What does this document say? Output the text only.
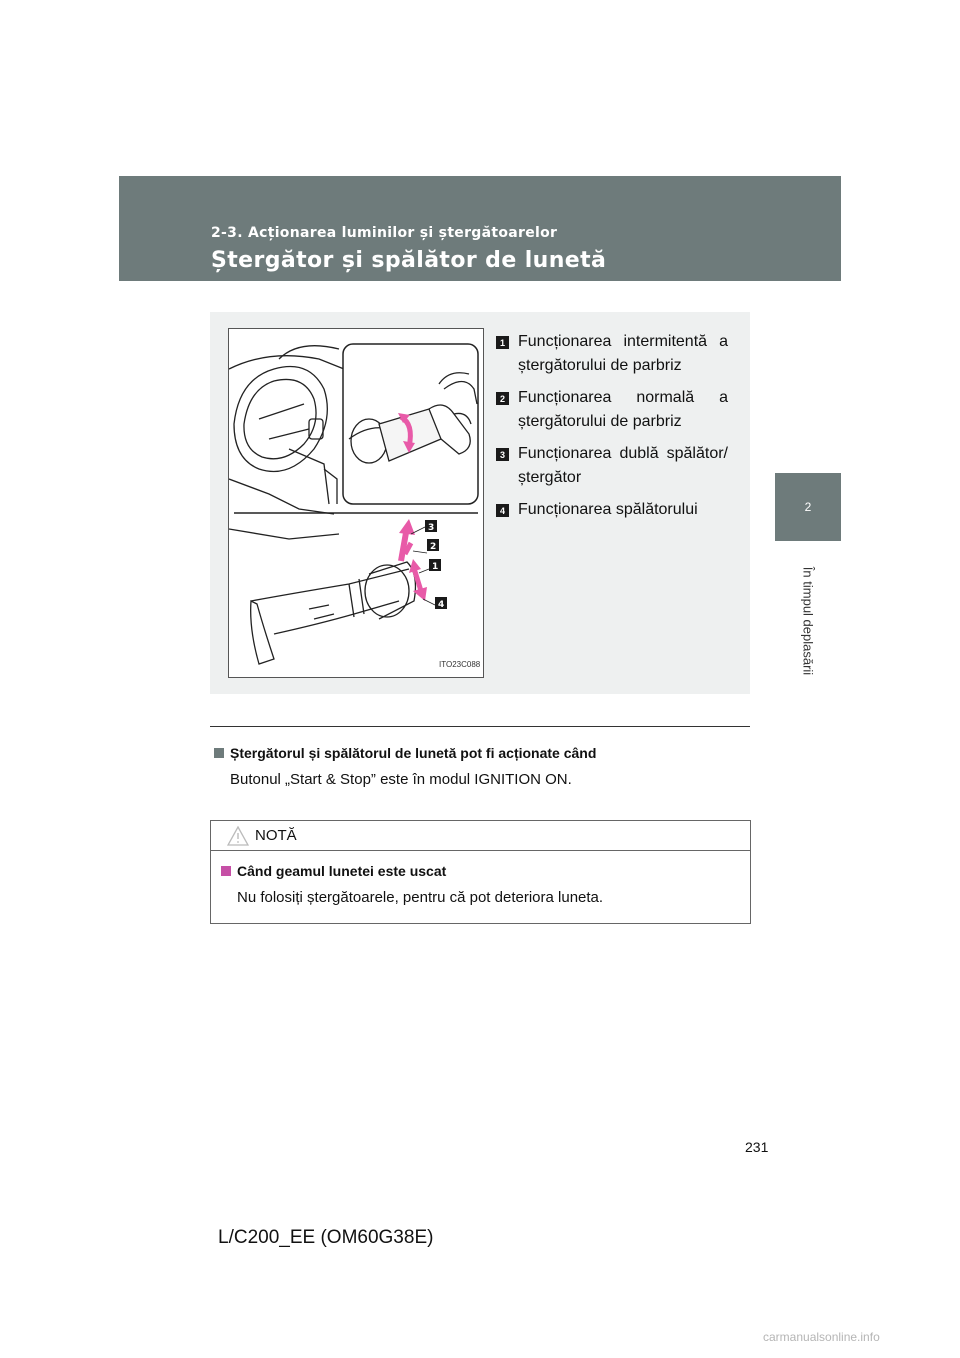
2-3. Acționarea luminilor și ștergătoarelor
Ștergător și spălător de lunetă
2
În timpul deplasării
3
2
1
4
ITO23C088
1 Funcționarea intermitentă a ștergătorului de parbriz
2 Funcționarea normală a ștergătorului de parbriz
3 Funcționarea dublă spălător/ștergător
4 Funcționarea spălătorului
Ștergătorul și spălătorul de lunetă pot fi acționate când
Butonul „Start & Stop” este în modul IGNITION ON.
NOTĂ
Când geamul lunetei este uscat
Nu folosiți ștergătoarele, pentru că pot deteriora luneta.
231
L/C200_EE (OM60G38E)
carmanualsonline.info
